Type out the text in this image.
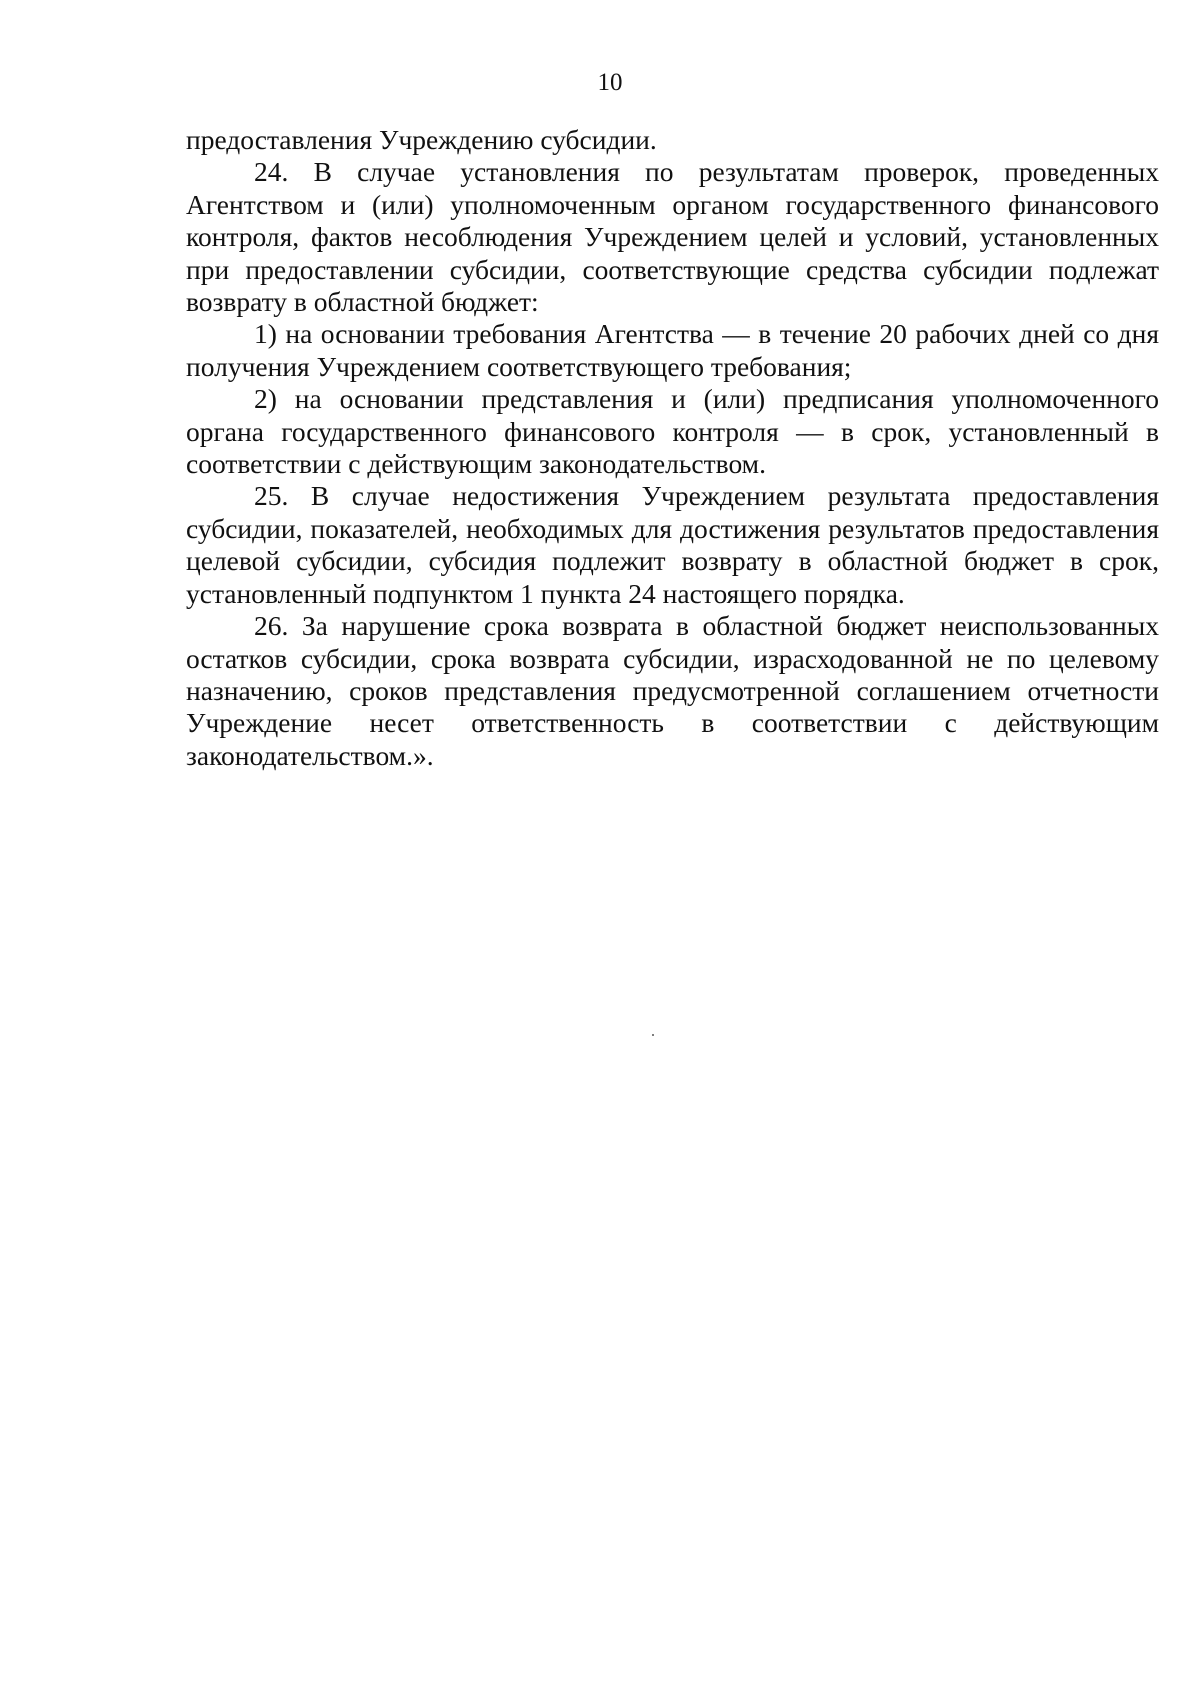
10

предоставления Учреждению субсидии.

24. В случае установления по результатам проверок, проведенных Агентством и (или) уполномоченным органом государственного финансового контроля, фактов несоблюдения Учреждением целей и условий, установленных при предоставлении субсидии, соответствующие средства субсидии подлежат возврату в областной бюджет:

1) на основании требования Агентства — в течение 20 рабочих дней со дня получения Учреждением соответствующего требования;

2) на основании представления и (или) предписания уполномоченного органа государственного финансового контроля — в срок, установленный в соответствии с действующим законодательством.

25. В случае недостижения Учреждением результата предоставления субсидии, показателей, необходимых для достижения результатов предоставления целевой субсидии, субсидия подлежит возврату в областной бюджет в срок, установленный подпунктом 1 пункта 24 настоящего порядка.

26. За нарушение срока возврата в областной бюджет неиспользованных остатков субсидии, срока возврата субсидии, израсходованной не по целевому назначению, сроков представления предусмотренной соглашением отчетности Учреждение несет ответственность в соответствии с действующим законодательством.».
